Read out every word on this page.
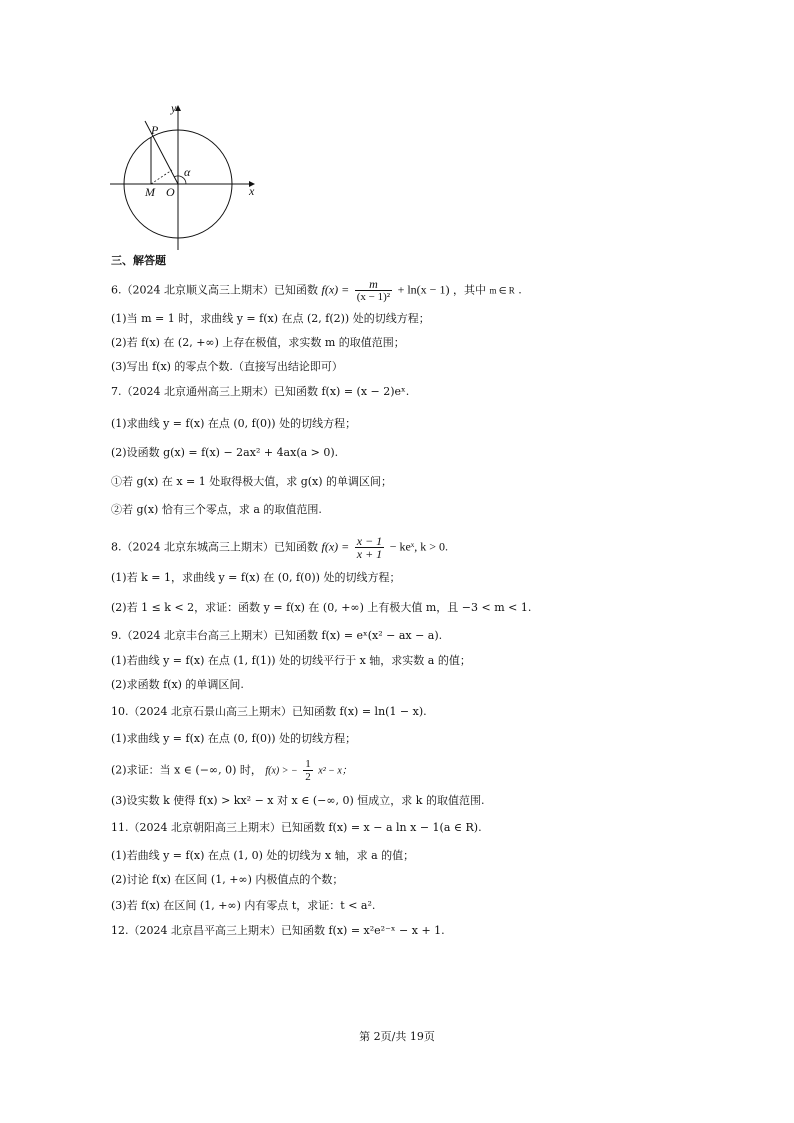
y
x
P
M O
α
三、解答题
6.（2024 北京顺义高三上期末）已知函数 $f(x) = \frac{m}{\text{(x − 1)²}} + \ln(x - 1)$ ，其中 m ∈ R .
(1)当 m = 1 时，求曲线 y = f(x) 在点 (2, f(2)) 处的切线方程；
(2)若 f(x) 在 (2, +∞) 上存在极值，求实数 m 的取值范围；
(3)写出 f(x) 的零点个数.（直接写出结论即可）
7.（2024 北京通州高三上期末）已知函数 f(x) = (x − 2)eˣ.
(1)求曲线 y = f(x) 在点 (0, f(0)) 处的切线方程；
(2)设函数 g(x) = f(x) − 2ax² + 4ax(a > 0).
①若 g(x) 在 x = 1 处取得极大值，求 g(x) 的单调区间；
②若 g(x) 恰有三个零点，求 a 的取值范围.
8.（2024 北京东城高三上期末）已知函数 $f(x) = \frac{x - 1}{x + 1}$ − keˣ, k > 0.
(1)若 k = 1，求曲线 y = f(x) 在 (0, f(0)) 处的切线方程；
(2)若 1 ≤ k < 2，求证：函数 y = f(x) 在 (0, +∞) 上有极大值 m，且 −3 < m < 1.
9.（2024 北京丰台高三上期末）已知函数 f(x) = eˣ(x² − ax − a).
(1)若曲线 y = f(x) 在点 (1, f(1)) 处的切线平行于 x 轴，求实数 a 的值；
(2)求函数 f(x) 的单调区间.
10.（2024 北京石景山高三上期末）已知函数 f(x) = ln(1 − x).
(1)求曲线 y = f(x) 在点 (0, f(0)) 处的切线方程；
(2)求证：当 x ∈ (−∞, 0) 时， f(x) > − $\frac{1}{2} x^2 - x$；
(3)设实数 k 使得 f(x) > kx² − x 对 x ∈ (−∞, 0) 恒成立，求 k 的取值范围.
11.（2024 北京朝阳高三上期末）已知函数 f(x) = x − a ln x − 1(a ∈ R).
(1)若曲线 y = f(x) 在点 (1, 0) 处的切线为 x 轴，求 a 的值；
(2)讨论 f(x) 在区间 (1, +∞) 内极值点的个数；
(3)若 f(x) 在区间 (1, +∞) 内有零点 t，求证：t < a².
12.（2024 北京昌平高三上期末）已知函数 f(x) = x²e²⁻ˣ − x + 1.
第 2页/共 19页
